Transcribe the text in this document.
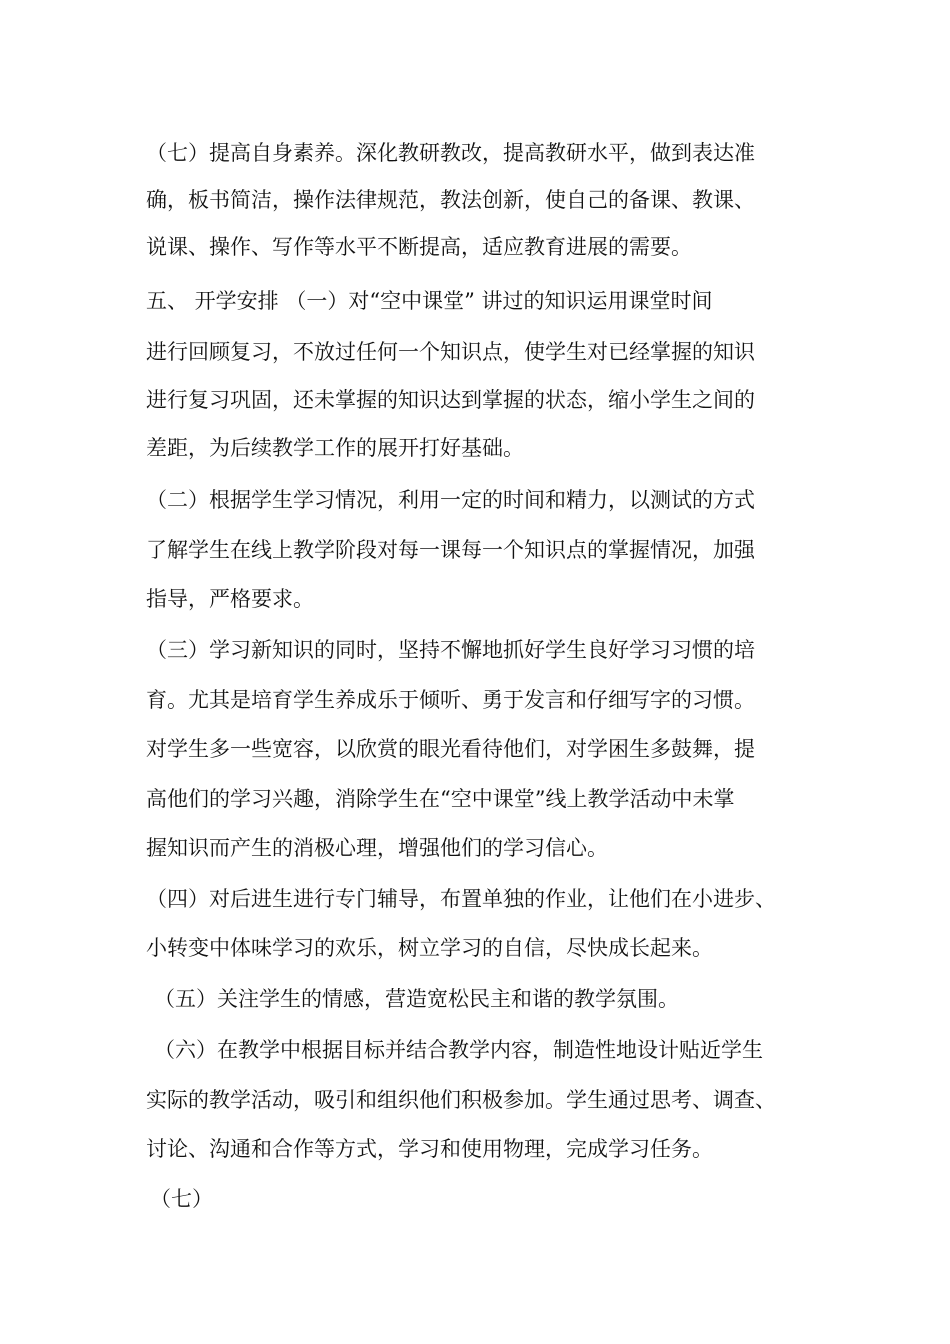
（七）提高自身素养。深化教研教改，提高教研水平，做到表达准
确，板书简洁，操作法律规范，教法创新，使自己的备课、教课、
说课、操作、写作等水平不断提高，适应教育进展的需要。
五、 开学安排 （一）对“空中课堂” 讲过的知识运用课堂时间
进行回顾复习，不放过任何一个知识点，使学生对已经掌握的知识
进行复习巩固，还未掌握的知识达到掌握的状态，缩小学生之间的
差距，为后续教学工作的展开打好基础。
（二）根据学生学习情况，利用一定的时间和精力，以测试的方式
了解学生在线上教学阶段对每一课每一个知识点的掌握情况，加强
指导，严格要求。
（三）学习新知识的同时，坚持不懈地抓好学生良好学习习惯的培
育。尤其是培育学生养成乐于倾听、勇于发言和仔细写字的习惯。
对学生多一些宽容，以欣赏的眼光看待他们，对学困生多鼓舞，提
高他们的学习兴趣，消除学生在“空中课堂”线上教学活动中未掌
握知识而产生的消极心理，增强他们的学习信心。
（四）对后进生进行专门辅导，布置单独的作业，让他们在小进步、
小转变中体味学习的欢乐，树立学习的自信，尽快成长起来。
（五）关注学生的情感，营造宽松民主和谐的教学氛围。
（六）在教学中根据目标并结合教学内容，制造性地设计贴近学生
实际的教学活动，吸引和组织他们积极参加。学生通过思考、调查、
讨论、沟通和合作等方式，学习和使用物理，完成学习任务。
（七）
